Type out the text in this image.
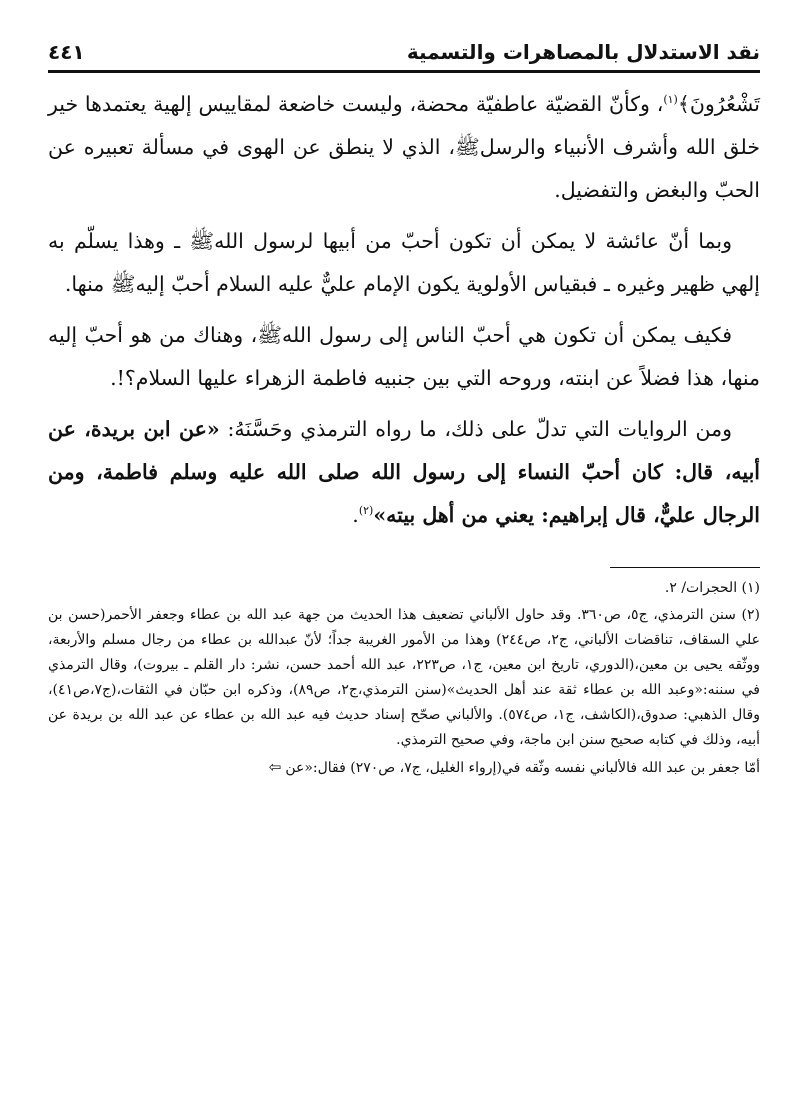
نقد الاستدلال بالمصاهرات والتسمية
٤٤١

تَشْعُرُونَ﴾$^{(١)}$، وكأنّ القضيّة عاطفيّة محضة، وليست خاضعة لمقاييس إلهية يعتمدها خير خلق الله وأشرف الأنبياء والرسلﷺ، الذي لا ينطق عن الهوى في مسألة تعبيره عن الحبّ والبغض والتفضيل.

وبما أنّ عائشة لا يمكن أن تكون أحبّ من أبيها لرسول اللهﷺ ـ وهذا يسلّم به إلهي ظهير وغيره ـ فبقياس الأولوية يكون الإمام عليٌّ عليه السلام أحبّ إليهﷺ منها.

فكيف يمكن أن تكون هي أحبّ الناس إلى رسول اللهﷺ، وهناك من هو أحبّ إليه منها، هذا فضلاً عن ابنته، وروحه التي بين جنبيه فاطمة الزهراء عليها السلام؟!.

ومن الروايات التي تدلّ على ذلك، ما رواه الترمذي وحَسَّنَهُ: «عن ابن بريدة، عن أبيه، قال: كان أحبّ النساء إلى رسول الله صلى الله عليه وسلم فاطمة، ومن الرجال عليٌّ، قال إبراهيم: يعني من أهل بيته»$^{(٢)}$.

(١) الحجرات/ ٢.

(٢) سنن الترمذي، ج٥، ص٣٦٠. وقد حاول الألباني تضعيف هذا الحديث من جهة عبد الله بن عطاء وجعفر الأحمر(حسن بن علي السقاف، تناقضات الألباني، ج٢، ص٢٤٤) وهذا من الأمور الغريبة جداً؛ لأنّ عبدالله بن عطاء من رجال مسلم والأربعة، ووثّقه يحيى بن معين،(الدوري، تاريخ ابن معين، ج١، ص٢٢٣، عبد الله أحمد حسن، نشر: دار القلم ـ بيروت)، وقال الترمذي في سننه:«وعبد الله بن عطاء ثقة عند أهل الحديث»(سنن الترمذي،ج٢، ص٨٩)، وذكره ابن حبّان في الثقات،(ج٧،ص٤١)، وقال الذهبي: صدوق،(الكاشف، ج١، ص٥٧٤). والألباني صحّح إسناد حديث فيه عبد الله بن عطاء عن عبد الله بن بريدة عن أبيه، وذلك في كتابه صحيح سنن ابن ماجة، وفي صحيح الترمذي.

أمّا جعفر بن عبد الله فالألباني نفسه وثّقه في(إرواء الغليل، ج٧، ص٢٧٠) فقال:«عن⇦
